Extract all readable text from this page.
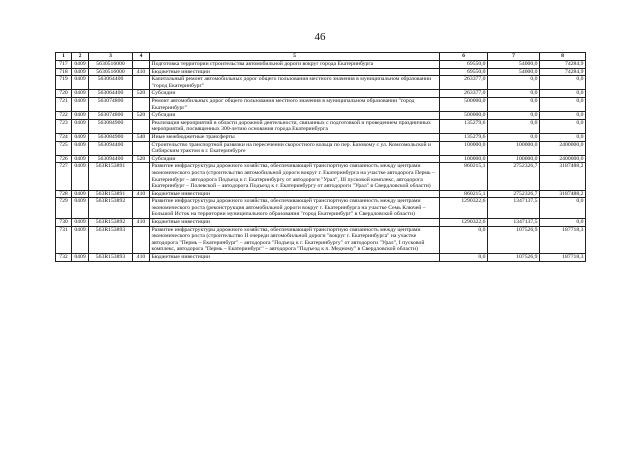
46
1	2	3	4	5	6	7	8
717	0409	5630516000		Подготовка территории строительства автомобильной дороги вокруг города Екатеринбурга	69550,0	54000,0	74284,9
718	0409	5630516000	410	Бюджетные инвестиции	69550,0	54000,0	74284,9
719	0409	563064400		Капитальный ремонт автомобильных дорог общего пользования местного значения в муниципальном образовании "город Екатеринбург"	263377,0	0,0	0,0
720	0409	563064400	520	Субсидии	263377,0	0,0	0,0
721	0409	563074800		Ремонт автомобильных дорог общего пользования местного значения в муниципальном образовании "город Екатеринбург"	500000,0	0,0	0,0
722	0409	563074800	520	Субсидии	500000,0	0,0	0,0
723	0409	563084900		Реализация мероприятий в области дорожной деятельности, связанных с подготовкой и проведением праздничных мероприятий, посвященных 300-летию основания города Екатеринбурга	135279,6	0,0	0,0
724	0409	563084900	540	Иные межбюджетные трансферты	135279,6	0,0	0,0
725	0409	563094400		Строительство транспортной развязки на пересечении скоростного кольца по пер. Базовому с ул. Комсомольской и Сибирским трактом в г. Екатеринбурге	100000,0	100000,0	2400000,0
726	0409	563094400	520	Субсидии	100000,0	100000,0	2400000,0
727	0409	563R153891		Развитие инфраструктуры дорожного хозяйства, обеспечивающей транспортную связанность между центрами экономического роста (строительство автомобильной дороги вокруг г. Екатеринбурга на участке автодорога Пермь – Екатеринбург – автодорога Подъезд к г. Екатеринбургу от автодороги "Урал", III пусковой комплекс, автодорога Екатеринбург – Полевской – автодорога Подъезд к г. Екатеринбургу от автодороги "Урал" в Свердловской области)	860215,1	2752326,7	3187488,2
728	0409	563R153891	410	Бюджетные инвестиции	860215,1	2752326,7	3187488,2
729	0409	563R153892		Развитие инфраструктуры дорожного хозяйства, обеспечивающей транспортную связанность между центрами экономического роста (реконструкция автомобильной дороги вокруг г. Екатеринбурга на участке Семь Ключей – Большой Исток на территории муниципального образования "город Екатеринбург" в Свердловской области)	1290322,6	1347137,5	0,0
730	0409	563R153892	410	Бюджетные инвестиции	1290322,6	1347137,5	0,0
731	0409	563R153893		Развитие инфраструктуры дорожного хозяйства, обеспечивающей транспортную связанность между центрами экономического роста (строительство II очереди автомобильной дороги "вокруг г. Екатеринбурга" на участке автодорога "Пермь – Екатеринбург" – автодорога "Подъезд к г. Екатеринбургу" от автодороги "Урал", I пусковой комплекс, автодорога "Пермь – Екатеринбург" – автодорога "Подъезд к п. Медному" в Свердловской области)	0,0	107526,9	187718,3
732	0409	563R153893	410	Бюджетные инвестиции	0,0	107526,9	187718,3
